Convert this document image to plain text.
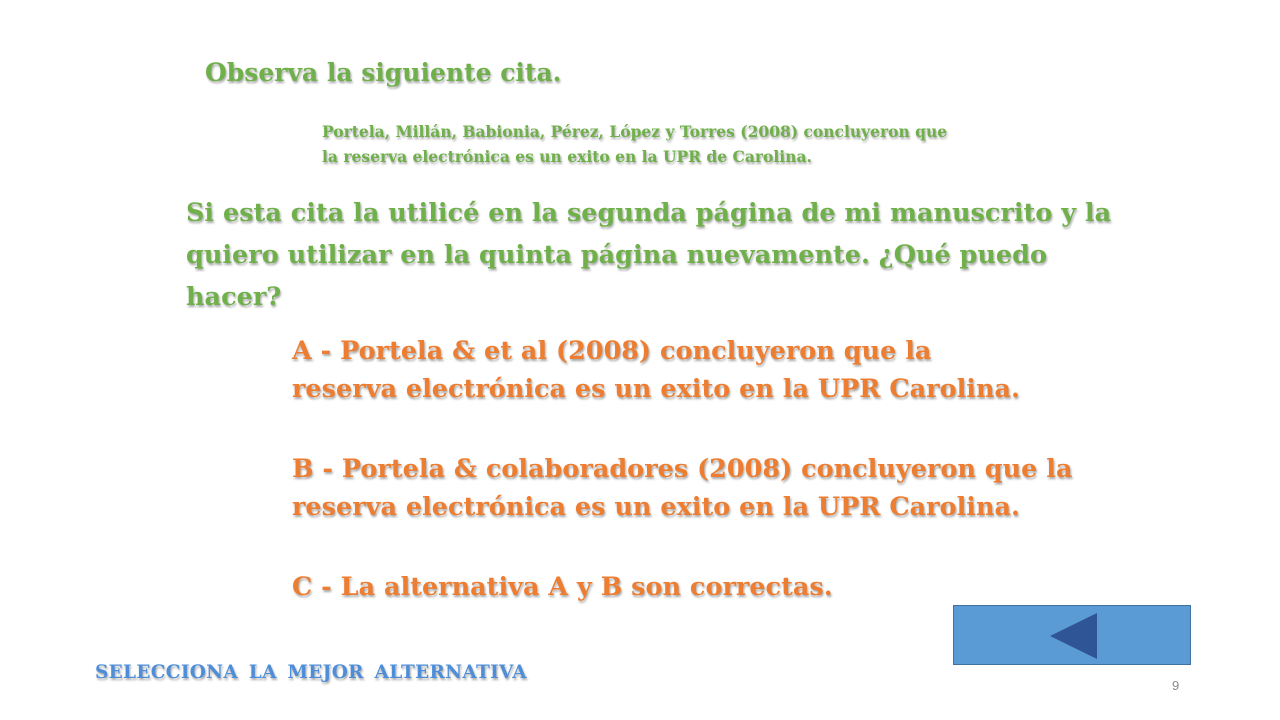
Observa la siguiente cita.
Portela, Millán, Babionia, Pérez, López y Torres (2008) concluyeron que
la reserva electrónica es un exito en la UPR de Carolina.
Si esta cita la utilicé en la segunda página de mi manuscrito y la
quiero utilizar en la quinta página nuevamente. ¿Qué puedo
hacer?
A - Portela & et al (2008) concluyeron que la
reserva electrónica es un exito en la UPR Carolina.
B - Portela & colaboradores (2008) concluyeron que la
reserva electrónica es un exito en la UPR Carolina.
C - La alternativa A y B son correctas.
SELECCIONA LA MEJOR ALTERNATIVA
9
